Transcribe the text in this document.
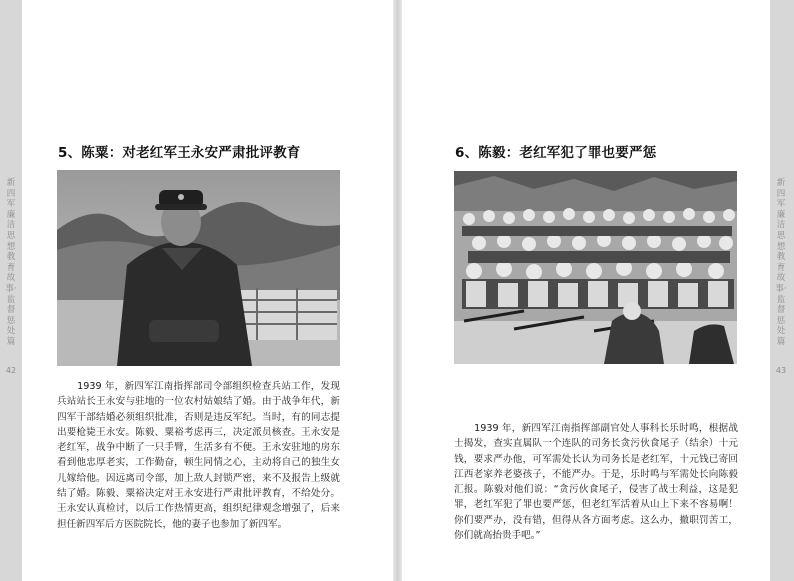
新四军廉洁思想教育故事·监督惩处篇
新四军廉洁思想教育故事·监督惩处篇
42	43
5、陈粟：对老红军王永安严肃批评教育	6、陈毅：老红军犯了罪也要严惩

1939 年，新四军江南指挥部司令部组织检查兵站工作，发现兵站站长王永安与驻地的一位农村姑娘结了婚。由于战争年代，新四军干部结婚必须组织批准，否则是违反军纪。当时，有的同志提出要枪毙王永安。陈毅、粟裕考虑再三，决定派员核查。王永安是老红军，战争中断了一只手臂，生活多有不便。王永安驻地的房东看到他忠厚老实，工作勤奋，顿生同情之心，主动将自己的独生女儿嫁给他。因远离司令部，加上敌人封锁严密，来不及报告上级就结了婚。陈毅、粟裕决定对王永安进行严肃批评教育，不给处分。王永安认真检讨，以后工作热情更高，组织纪律观念增强了，后来担任新四军后方医院院长，他的妻子也参加了新四军。

1939 年，新四军江南指挥部副官处人事科长乐时鸣，根据战士揭发，查实直属队一个连队的司务长贪污伙食尾子（结余）十元钱，要求严办他，可军需处长认为司务长是老红军，十元钱已寄回江西老家养老婆孩子，不能严办。于是，乐时鸣与军需处长向陈毅汇报。陈毅对他们说：“贪污伙食尾子，侵害了战士利益，这是犯罪，老红军犯了罪也要严惩，但老红军活着从山上下来不容易啊！你们要严办，没有错，但得从各方面考虑。这么办，撤职罚苦工，你们就高抬贵手吧。”
